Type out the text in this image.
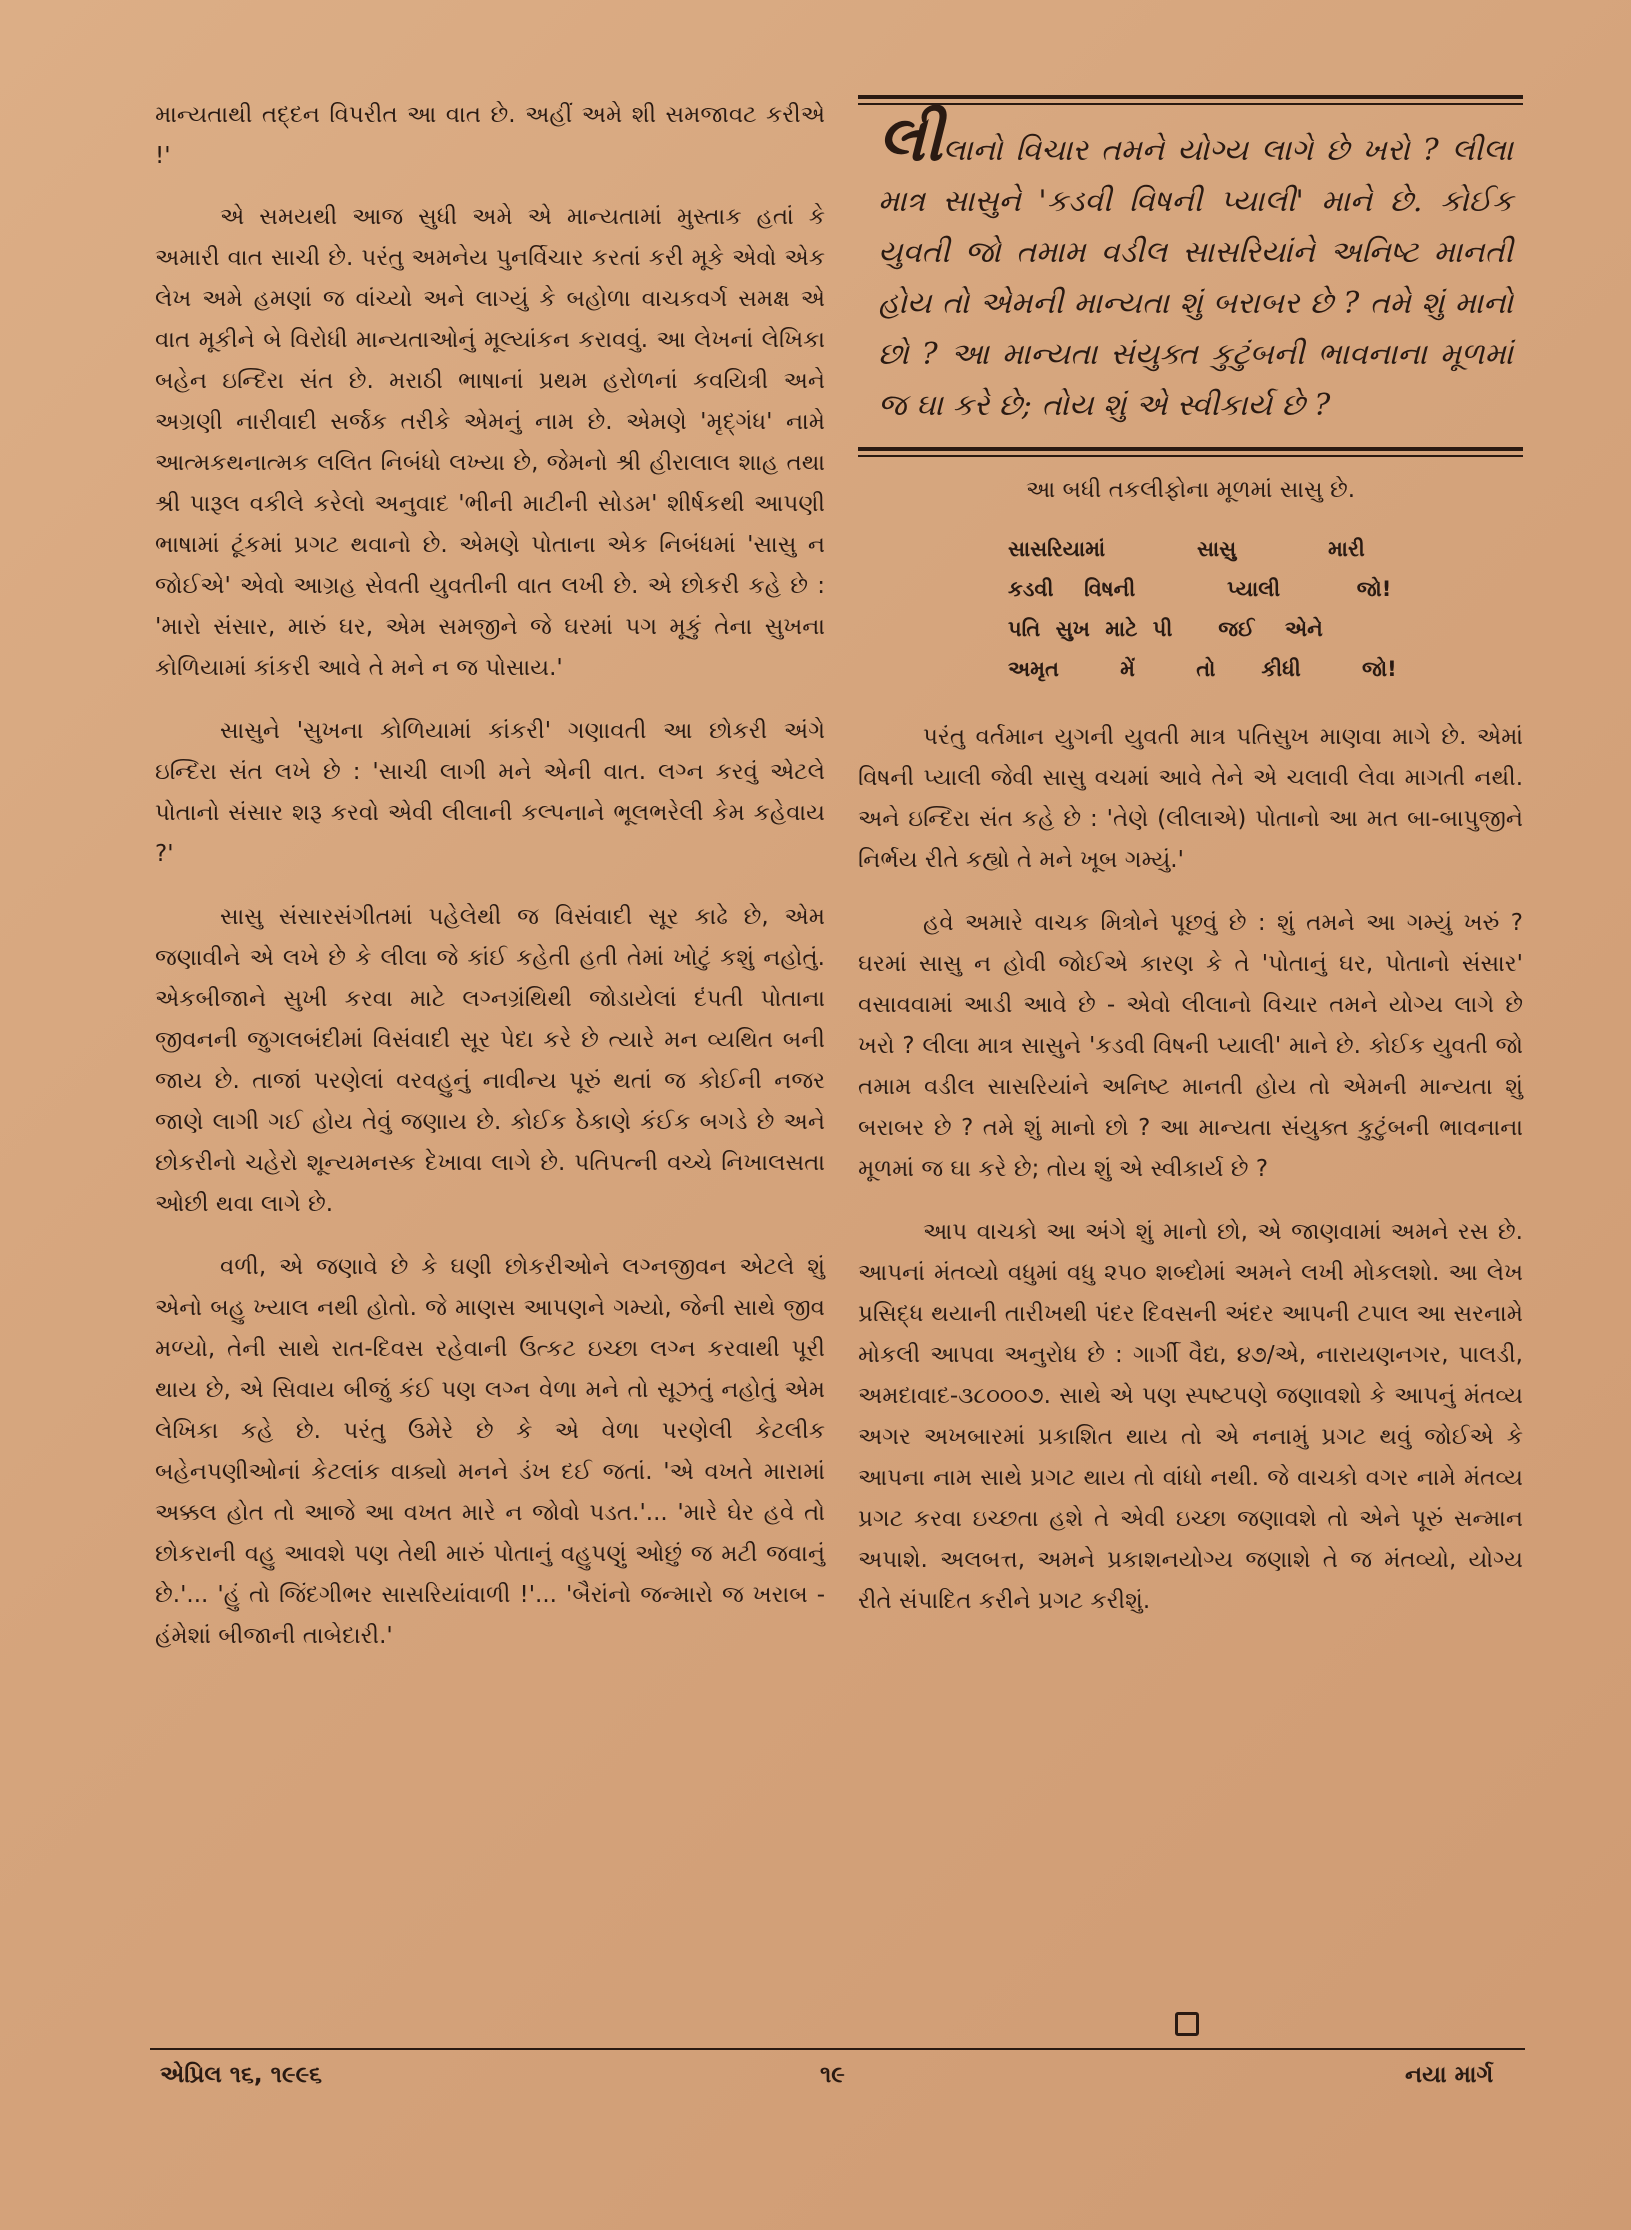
માન્યતાથી તદ્દન વિપરીત આ વાત છે. અહીં અમે શી સમજાવટ કરીએ !'

એ સમયથી આજ સુધી અમે એ માન્યતામાં મુસ્તાક હતાં કે અમારી વાત સાચી છે. પરંતુ અમનેય પુનર્વિચાર કરતાં કરી મૂકે એવો એક લેખ અમે હમણાં જ વાંચ્યો અને લાગ્યું કે બહોળા વાચકવર્ગ સમક્ષ એ વાત મૂકીને બે વિરોધી માન્યતાઓનું મૂલ્યાંકન કરાવવું. આ લેખનાં લેખિકા બહેન ઇન્દિરા સંત છે. મરાઠી ભાષાનાં પ્રથમ હરોળનાં કવયિત્રી અને અગ્રણી નારીવાદી સર્જક તરીકે એમનું નામ છે. એમણે 'મૃદ્ગંધ' નામે આત્મકથનાત્મક લલિત નિબંધો લખ્યા છે, જેમનો શ્રી હીરાલાલ શાહ તથા શ્રી પારૂલ વકીલે કરેલો અનુવાદ 'ભીની માટીની સોડમ' શીર્ષકથી આપણી ભાષામાં ટૂંકમાં પ્રગટ થવાનો છે. એમણે પોતાના એક નિબંધમાં 'સાસુ ન જોઈએ' એવો આગ્રહ સેવતી યુવતીની વાત લખી છે. એ છોકરી કહે છે : 'મારો સંસાર, મારું ઘર, એમ સમજીને જે ઘરમાં પગ મૂકું તેના સુખના કોળિયામાં કાંકરી આવે તે મને ન જ પોસાય.'

સાસુને 'સુખના કોળિયામાં કાંકરી' ગણાવતી આ છોકરી અંગે ઇન્દિરા સંત લખે છે : 'સાચી લાગી મને એની વાત. લગ્ન કરવું એટલે પોતાનો સંસાર શરૂ કરવો એવી લીલાની કલ્પનાને ભૂલભરેલી કેમ કહેવાય ?'

સાસુ સંસારસંગીતમાં પહેલેથી જ વિસંવાદી સૂર કાઢે છે, એમ જણાવીને એ લખે છે કે લીલા જે કાંઈ કહેતી હતી તેમાં ખોટું કશું નહોતું. એકબીજાને સુખી કરવા માટે લગ્નગ્રંથિથી જોડાયેલાં દંપતી પોતાના જીવનની જુગલબંદીમાં વિસંવાદી સૂર પેદા કરે છે ત્યારે મન વ્યથિત બની જાય છે. તાજાં પરણેલાં વરવહુનું નાવીન્ય પૂરું થતાં જ કોઈની નજર જાણે લાગી ગઈ હોય તેવું જણાય છે. કોઈક ઠેકાણે કંઈક બગડે છે અને છોકરીનો ચહેરો શૂન્યમનસ્ક દેખાવા લાગે છે. પતિપત્ની વચ્ચે નિખાલસતા ઓછી થવા લાગે છે.

વળી, એ જણાવે છે કે ઘણી છોકરીઓને લગ્નજીવન એટલે શું એનો બહુ ખ્યાલ નથી હોતો. જે માણસ આપણને ગમ્યો, જેની સાથે જીવ મળ્યો, તેની સાથે રાત-દિવસ રહેવાની ઉત્કટ ઇચ્છા લગ્ન કરવાથી પૂરી થાય છે, એ સિવાય બીજું કંઈ પણ લગ્ન વેળા મને તો સૂઝતું નહોતું એમ લેખિકા કહે છે. પરંતુ ઉમેરે છે કે એ વેળા પરણેલી કેટલીક બહેનપણીઓનાં કેટલાંક વાક્યો મનને ડંખ દઈ જતાં. 'એ વખતે મારામાં અક્કલ હોત તો આજે આ વખત મારે ન જોવો પડત.'... 'મારે ઘેર હવે તો છોકરાની વહુ આવશે પણ તેથી મારું પોતાનું વહુપણું ઓછું જ મટી જવાનું છે.'... 'હું તો જિંદગીભર સાસરિયાંવાળી !'... 'બૈરાંનો જન્મારો જ ખરાબ - હંમેશાં બીજાની તાબેદારી.'

લીલાનો વિચાર તમને યોગ્ય લાગે છે ખરો ? લીલા માત્ર સાસુને 'કડવી વિષની પ્યાલી' માને છે. કોઈક યુવતી જો તમામ વડીલ સાસરિયાંને અનિષ્ટ માનતી હોય તો એમની માન્યતા શું બરાબર છે ? તમે શું માનો છો ? આ માન્યતા સંયુક્ત કુટુંબની ભાવનાના મૂળમાં જ ઘા કરે છે; તોય શું એ સ્વીકાર્ય છે ?
આ બધી તકલીફોના મૂળમાં સાસુ છે.
સાસરિયામાં      સાસુ      મારી
કડવી  વિષની      પ્યાલી     જો!
પતિ સુખ માટે પી   જઈ  એને
અમૃત    મેં    તો   કીધી    જો!

પરંતુ વર્તમાન યુગની યુવતી માત્ર પતિસુખ માણવા માગે છે. એમાં વિષની પ્યાલી જેવી સાસુ વચમાં આવે તેને એ ચલાવી લેવા માગતી નથી. અને ઇન્દિરા સંત કહે છે : 'તેણે (લીલાએ) પોતાનો આ મત બા-બાપુજીને નિર્ભય રીતે કહ્યો તે મને ખૂબ ગમ્યું.'

હવે અમારે વાચક મિત્રોને પૂછવું છે : શું તમને આ ગમ્યું ખરું ? ઘરમાં સાસુ ન હોવી જોઈએ કારણ કે તે 'પોતાનું ઘર, પોતાનો સંસાર' વસાવવામાં આડી આવે છે - એવો લીલાનો વિચાર તમને યોગ્ય લાગે છે ખરો ? લીલા માત્ર સાસુને 'કડવી વિષની પ્યાલી' માને છે. કોઈક યુવતી જો તમામ વડીલ સાસરિયાંને અનિષ્ટ માનતી હોય તો એમની માન્યતા શું બરાબર છે ? તમે શું માનો છો ? આ માન્યતા સંયુક્ત કુટુંબની ભાવનાના મૂળમાં જ ઘા કરે છે; તોય શું એ સ્વીકાર્ય છે ?

આપ વાચકો આ અંગે શું માનો છો, એ જાણવામાં અમને રસ છે. આપનાં મંતવ્યો વધુમાં વધુ ૨૫૦ શબ્દોમાં અમને લખી મોકલશો. આ લેખ પ્રસિદ્ધ થયાની તારીખથી પંદર દિવસની અંદર આપની ટપાલ આ સરનામે મોકલી આપવા અનુરોધ છે : ગાર્ગી વૈદ્ય, ૪૭/એ, નારાયણનગર, પાલડી, અમદાવાદ-૩૮૦૦૦૭. સાથે એ પણ સ્પષ્ટપણે જણાવશો કે આપનું મંતવ્ય અગર અખબારમાં પ્રકાશિત થાય તો એ નનામું પ્રગટ થવું જોઈએ કે આપના નામ સાથે પ્રગટ થાય તો વાંધો નથી. જે વાચકો વગર નામે મંતવ્ય પ્રગટ કરવા ઇચ્છતા હશે તે એવી ઇચ્છા જણાવશે તો એને પૂરું સન્માન અપાશે. અલબત્ત, અમને પ્રકાશનયોગ્ય જણાશે તે જ મંતવ્યો, યોગ્ય રીતે સંપાદિત કરીને પ્રગટ કરીશું.

એપ્રિલ ૧૬, ૧૯૯૬	૧૯	નયા માર્ગ
